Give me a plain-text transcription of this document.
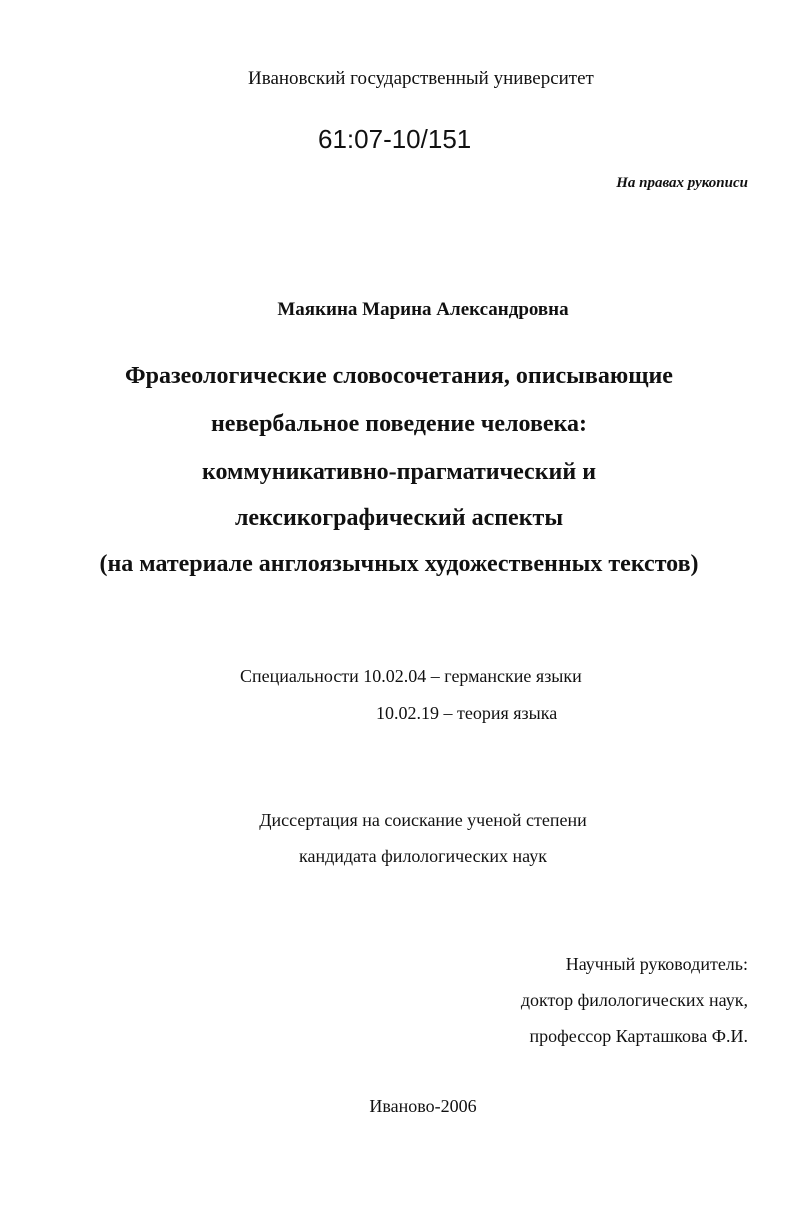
Ивановский государственный университет
61:07-10/151
На правах рукописи
Маякина Марина Александровна
Фразеологические словосочетания, описывающие
невербальное поведение человека:
коммуникативно-прагматический и
лексикографический аспекты
(на материале англоязычных художественных текстов)
Специальности 10.02.04 – германские языки
10.02.19 – теория языка
Диссертация на соискание ученой степени
кандидата филологических наук
Научный руководитель:
доктор филологических наук,
профессор Карташкова Ф.И.
Иваново-2006
